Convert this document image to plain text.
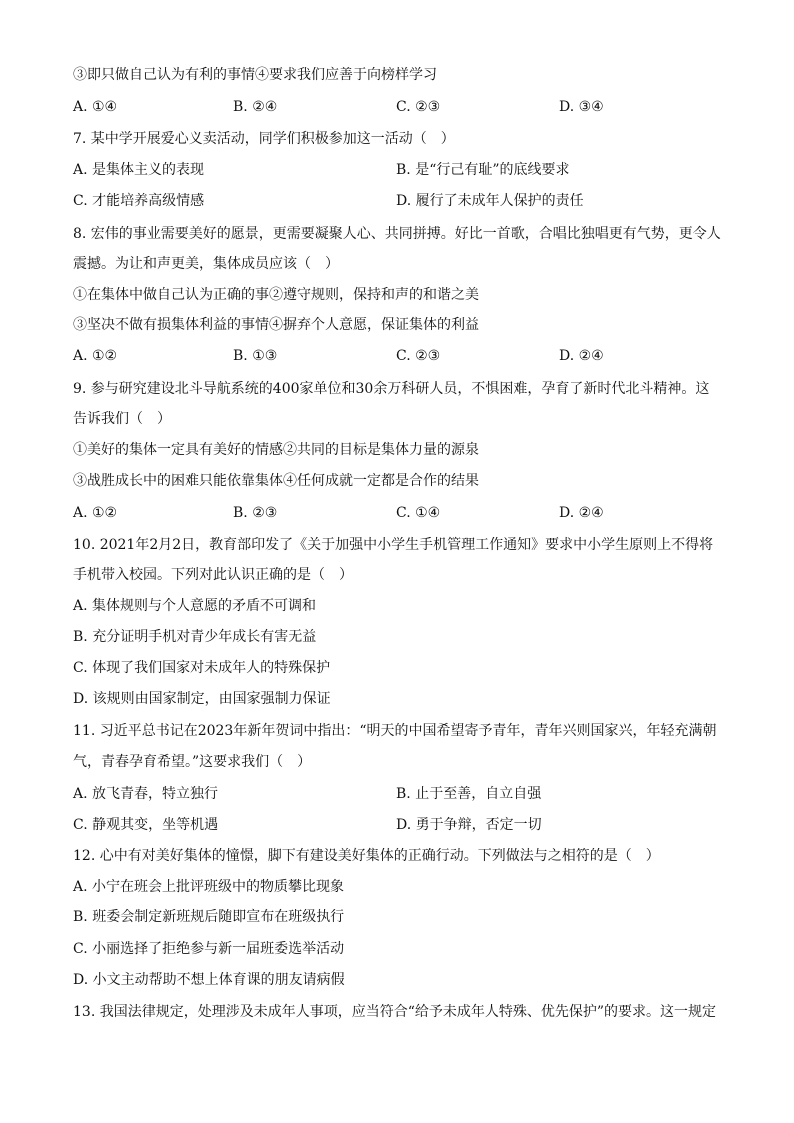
③即只做自己认为有利的事情④要求我们应善于向榜样学习
A. ①④	B. ②④	C. ②③	D. ③④
7. 某中学开展爱心义卖活动，同学们积极参加这一活动（　）
A. 是集体主义的表现	B. 是“行己有耻”的底线要求
C. 才能培养高级情感	D. 履行了未成年人保护的责任
8. 宏伟的事业需要美好的愿景，更需要凝聚人心、共同拼搏。好比一首歌，合唱比独唱更有气势，更令人
震撼。为让和声更美，集体成员应该（　）
①在集体中做自己认为正确的事②遵守规则，保持和声的和谐之美
③坚决不做有损集体利益的事情④摒弃个人意愿，保证集体的利益
A. ①②	B. ①③	C. ②③	D. ②④
9. 参与研究建设北斗导航系统的400家单位和30余万科研人员，不惧困难，孕育了新时代北斗精神。这
告诉我们（　）
①美好的集体一定具有美好的情感②共同的目标是集体力量的源泉
③战胜成长中的困难只能依靠集体④任何成就一定都是合作的结果
A. ①②	B. ②③	C. ①④	D. ②④
10. 2021年2月2日，教育部印发了《关于加强中小学生手机管理工作通知》要求中小学生原则上不得将
手机带入校园。下列对此认识正确的是（　）
A. 集体规则与个人意愿的矛盾不可调和
B. 充分证明手机对青少年成长有害无益
C. 体现了我们国家对未成年人的特殊保护
D. 该规则由国家制定，由国家强制力保证
11. 习近平总书记在2023年新年贺词中指出：“明天的中国希望寄予青年，青年兴则国家兴，年轻充满朝
气，青春孕育希望。”这要求我们（　）
A. 放飞青春，特立独行	B. 止于至善，自立自强
C. 静观其变，坐等机遇	D. 勇于争辩，否定一切
12. 心中有对美好集体的憧憬，脚下有建设美好集体的正确行动。下列做法与之相符的是（　）
A. 小宁在班会上批评班级中的物质攀比现象
B. 班委会制定新班规后随即宣布在班级执行
C. 小丽选择了拒绝参与新一届班委选举活动
D. 小文主动帮助不想上体育课的朋友请病假
13. 我国法律规定，处理涉及未成年人事项，应当符合“给予未成年人特殊、优先保护”的要求。这一规定
